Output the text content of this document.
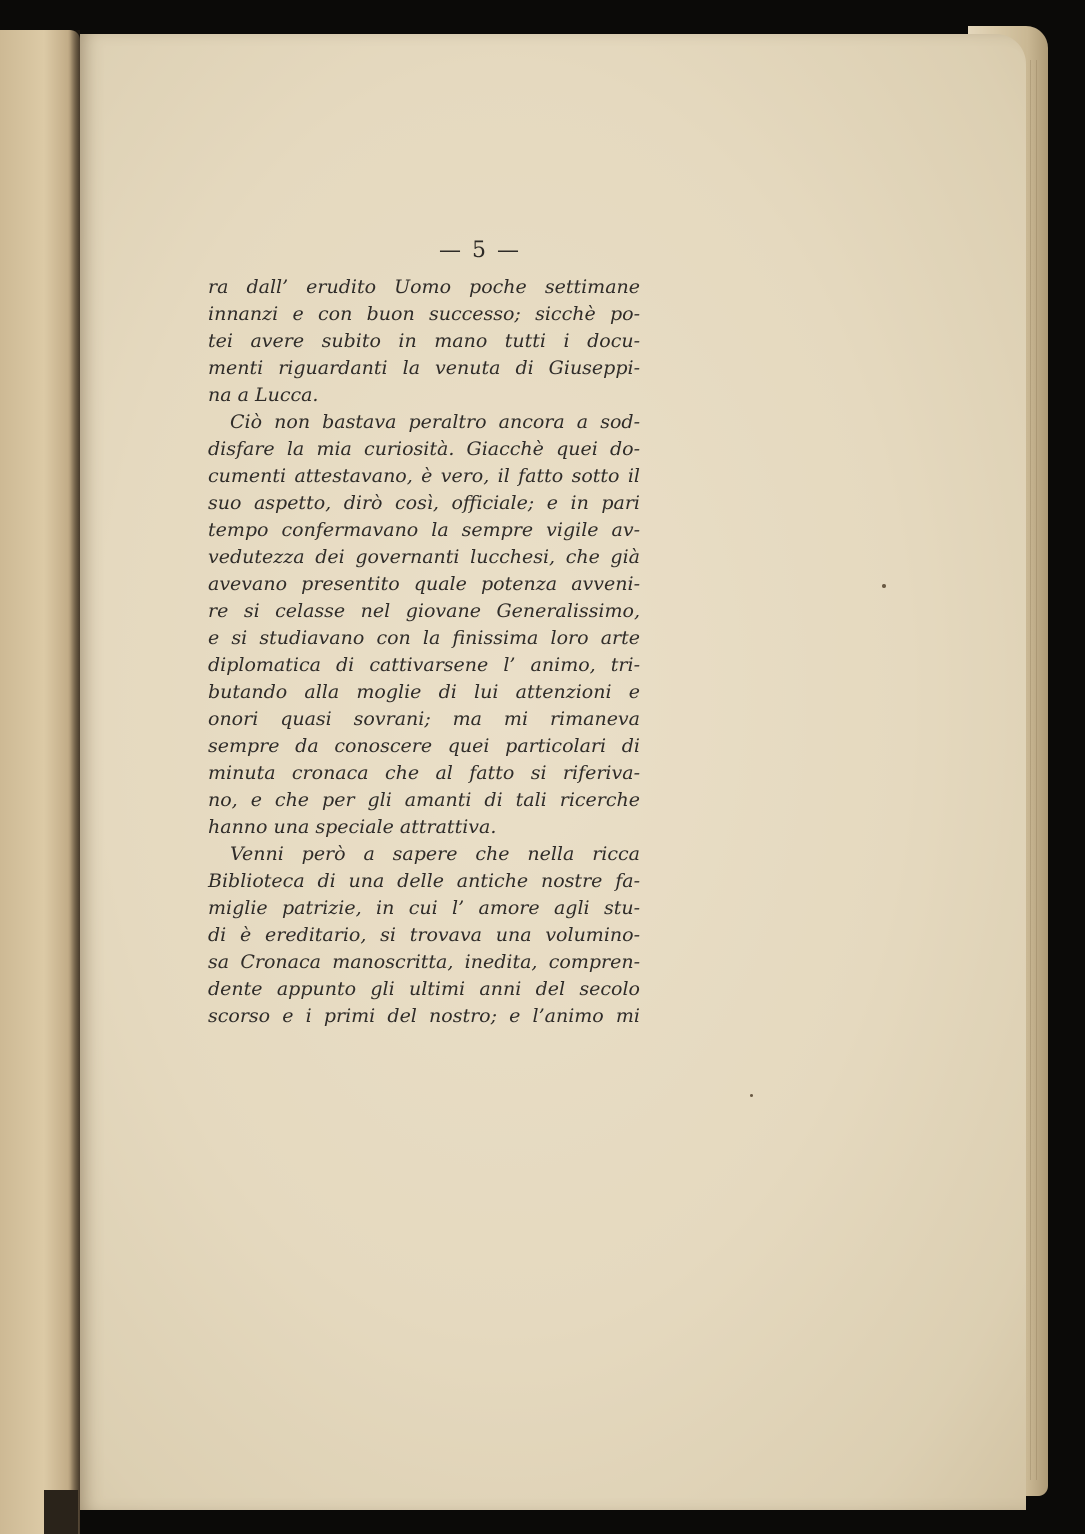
— 5 —
ra dall’ erudito Uomo poche settimane
innanzi e con buon successo; sicchè po-
tei avere subito in mano tutti i docu-
menti riguardanti la venuta di Giuseppi-
na a Lucca.
Ciò non bastava peraltro ancora a sod-
disfare la mia curiosità. Giacchè quei do-
cumenti attestavano, è vero, il fatto sotto il
suo aspetto, dirò così, officiale; e in pari
tempo confermavano la sempre vigile av-
vedutezza dei governanti lucchesi, che già
avevano presentito quale potenza avveni-
re si celasse nel giovane Generalissimo,
e si studiavano con la finissima loro arte
diplomatica di cattivarsene l’ animo, tri-
butando alla moglie di lui attenzioni e
onori quasi sovrani; ma mi rimaneva
sempre da conoscere quei particolari di
minuta cronaca che al fatto si riferiva-
no, e che per gli amanti di tali ricerche
hanno una speciale attrattiva.
Venni però a sapere che nella ricca
Biblioteca di una delle antiche nostre fa-
miglie patrizie, in cui l’ amore agli stu-
di è ereditario, si trovava una volumino-
sa Cronaca manoscritta, inedita, compren-
dente appunto gli ultimi anni del secolo
scorso e i primi del nostro; e l’animo mi
